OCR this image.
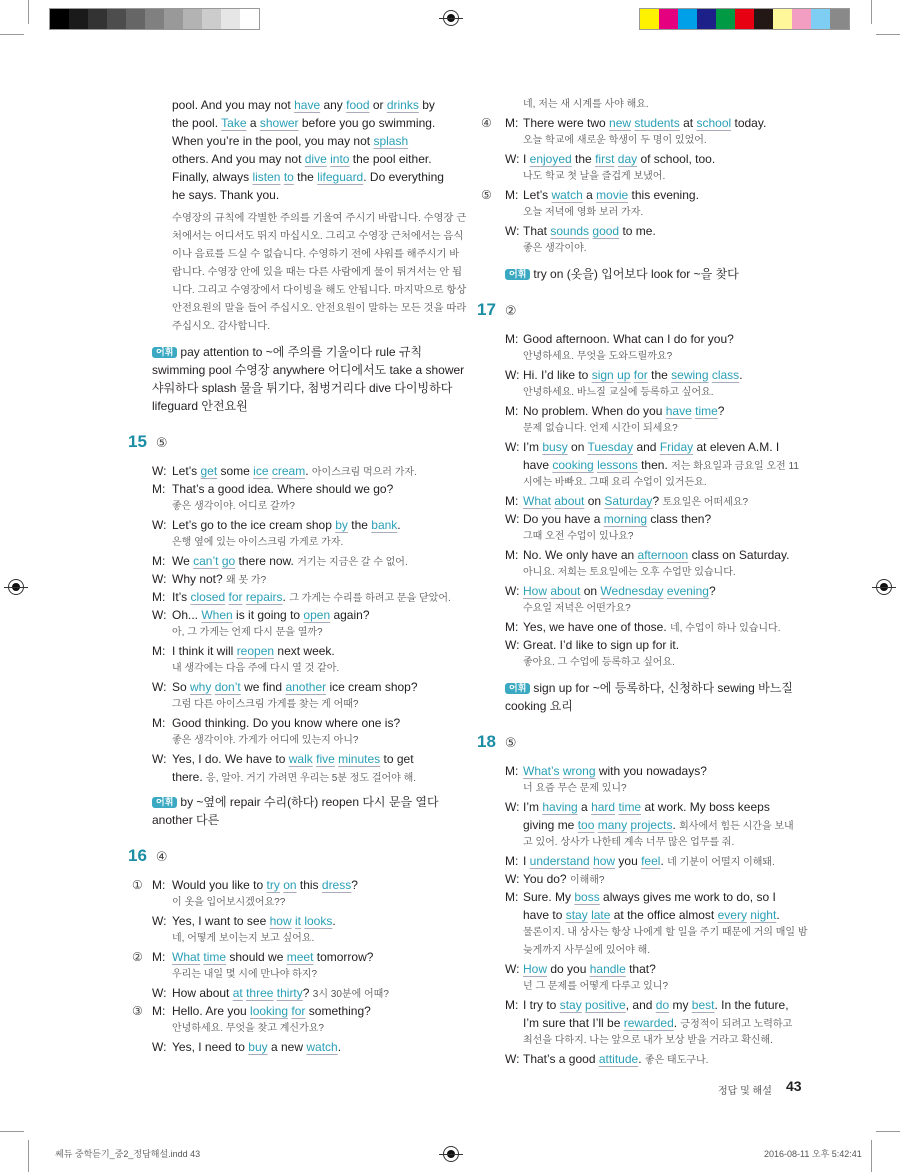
pool. And you may not have any food or drinks by
the pool. Take a shower before you go swimming.
When you’re in the pool, you may not splash
others. And you may not dive into the pool either.
Finally, always listen to the lifeguard. Do everything
he says. Thank you.
수영장의 규칙에 각별한 주의를 기울여 주시기 바랍니다. 수영장 근
처에서는 어디서도 뛰지 마십시오. 그리고 수영장 근처에서는 음식
이나 음료를 드실 수 없습니다. 수영하기 전에 샤워를 해주시기 바
랍니다. 수영장 안에 있을 때는 다른 사람에게 물이 튀겨서는 안 됩
니다. 그리고 수영장에서 다이빙을 해도 안됩니다. 마지막으로 항상
안전요원의 말을 들어 주십시오. 안전요원이 말하는 모든 것을 따라
주십시오. 감사합니다.
어휘 pay attention to ~에 주의를 기울이다 rule 규칙
swimming pool 수영장 anywhere 어디에서도 take a shower
샤워하다 splash 물을 튀기다, 첨벙거리다 dive 다이빙하다
lifeguard 안전요원
15 ⑤
W: Let’s get some ice cream. 아이스크림 먹으러 가자.
M: That’s a good idea. Where should we go?
좋은 생각이야. 어디로 갈까?
W: Let’s go to the ice cream shop by the bank.
은행 옆에 있는 아이스크림 가게로 가자.
M: We can’t go there now. 거기는 지금은 갈 수 없어.
W: Why not? 왜 못 가?
M: It’s closed for repairs. 그 가게는 수리를 하려고 문을 닫았어.
W: Oh... When is it going to open again?
아, 그 가게는 언제 다시 문을 열까?
M: I think it will reopen next week.
내 생각에는 다음 주에 다시 열 것 같아.
W: So why don’t we find another ice cream shop?
그럼 다른 아이스크림 가게를 찾는 게 어때?
M: Good thinking. Do you know where one is?
좋은 생각이야. 가게가 어디에 있는지 아니?
W: Yes, I do. We have to walk five minutes to get
there. 응, 알아. 거기 가려면 우리는 5분 정도 걸어야 해.
어휘 by ~옆에 repair 수리(하다) reopen 다시 문을 열다
another 다른
16 ④
① M: Would you like to try on this dress?
이 옷을 입어보시겠어요??
W: Yes, I want to see how it looks.
네, 어떻게 보이는지 보고 싶어요.
② M: What time should we meet tomorrow?
우리는 내일 몇 시에 만나야 하지?
W: How about at three thirty? 3시 30분에 어때?
③ M: Hello. Are you looking for something?
안녕하세요. 무엇을 찾고 계신가요?
W: Yes, I need to buy a new watch.
네, 저는 새 시계를 사야 해요.
④ M: There were two new students at school today.
오늘 학교에 새로운 학생이 두 명이 있었어.
W: I enjoyed the first day of school, too.
나도 학교 첫 날을 즐겁게 보냈어.
⑤ M: Let’s watch a movie this evening.
오늘 저녁에 영화 보러 가자.
W: That sounds good to me.
좋은 생각이야.
어휘 try on (옷을) 입어보다 look for ~을 찾다
17 ②
M: Good afternoon. What can I do for you?
안녕하세요. 무엇을 도와드릴까요?
W: Hi. I’d like to sign up for the sewing class.
안녕하세요. 바느질 교실에 등록하고 싶어요.
M: No problem. When do you have time?
문제 없습니다. 언제 시간이 되세요?
W: I’m busy on Tuesday and Friday at eleven A.M. I
have cooking lessons then. 저는 화요일과 금요일 오전 11
시에는 바빠요. 그때 요리 수업이 있거든요.
M: What about on Saturday? 토요일은 어떠세요?
W: Do you have a morning class then?
그때 오전 수업이 있나요?
M: No. We only have an afternoon class on Saturday.
아니요. 저희는 토요일에는 오후 수업만 있습니다.
W: How about on Wednesday evening?
수요일 저녁은 어떤가요?
M: Yes, we have one of those. 네, 수업이 하나 있습니다.
W: Great. I’d like to sign up for it.
좋아요. 그 수업에 등록하고 싶어요.
어휘 sign up for ~에 등록하다, 신청하다 sewing 바느질
cooking 요리
18 ⑤
M: What’s wrong with you nowadays?
너 요즘 무슨 문제 있니?
W: I’m having a hard time at work. My boss keeps
giving me too many projects. 회사에서 힘든 시간을 보내
고 있어. 상사가 나한테 계속 너무 많은 업무를 줘.
M: I understand how you feel. 네 기분이 어떨지 이해돼.
W: You do? 이해해?
M: Sure. My boss always gives me work to do, so I
have to stay late at the office almost every night.
물론이지. 내 상사는 항상 나에게 할 일을 주기 때문에 거의 매일 밤
늦게까지 사무실에 있어야 해.
W: How do you handle that?
넌 그 문제를 어떻게 다루고 있니?
M: I try to stay positive, and do my best. In the future,
I’m sure that I’ll be rewarded. 긍정적이 되려고 노력하고
최선을 다하지. 나는 앞으로 내가 보상 받을 거라고 확신해.
W: That’s a good attitude. 좋은 태도구나.
정답 및 해설 43
쎄듀 중학듣기_중2_정답해설.indd 43	2016-08-11 오후 5:42:41
